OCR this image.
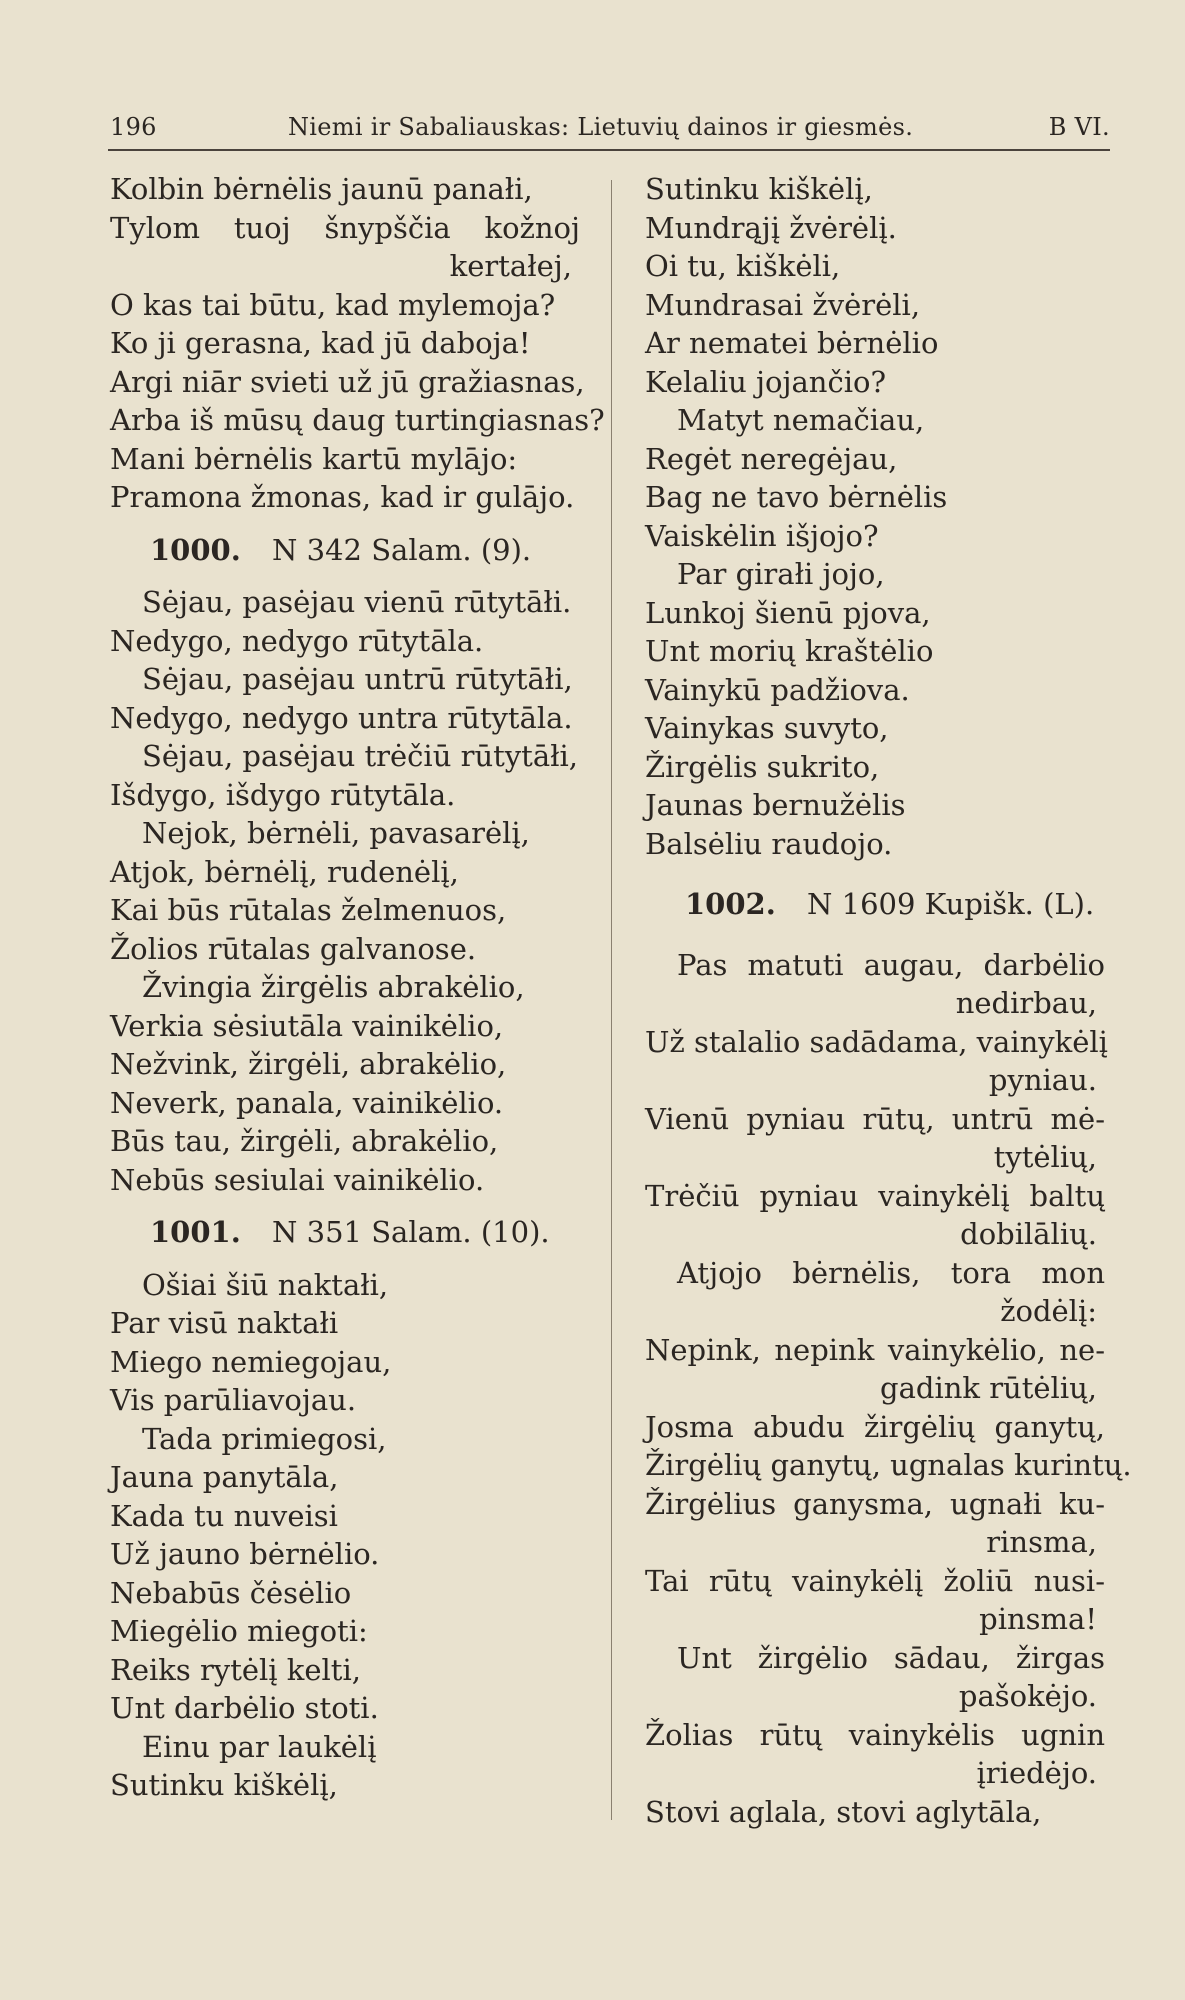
196	Niemi ir Sabaliauskas: Lietuvių dainos ir giesmės.	B VI.
Kolbin bėrnėlis jaunū panałi,
Tylom tuoj šnypščia kožnoj
kertałej,
O kas tai būtu, kad mylemoja?
Ko ji gerasna, kad jū daboja!
Argi niār svieti už jū gražiasnas,
Arba iš mūsų daug turtingiasnas?
Mani bėrnėlis kartū mylājo:
Pramona žmonas, kad ir gulājo.
1000. N 342 Salam. (9).
Sėjau, pasėjau vienū rūtytāłi.
Nedygo, nedygo rūtytāla.
Sėjau, pasėjau untrū rūtytāłi,
Nedygo, nedygo untra rūtytāla.
Sėjau, pasėjau trėčiū rūtytāłi,
Išdygo, išdygo rūtytāla.
Nejok, bėrnėli, pavasarėlį,
Atjok, bėrnėlį, rudenėlį,
Kai būs rūtalas želmenuos,
Žolios rūtalas galvanose.
Žvingia žirgėlis abrakėlio,
Verkia sėsiutāla vainikėlio,
Nežvink, žirgėli, abrakėlio,
Neverk, panala, vainikėlio.
Būs tau, žirgėli, abrakėlio,
Nebūs sesiulai vainikėlio.
1001. N 351 Salam. (10).
Ošiai šiū naktałi,
Par visū naktałi
Miego nemiegojau,
Vis parūliavojau.
Tada primiegosi,
Jauna panytāla,
Kada tu nuveisi
Už jauno bėrnėlio.
Nebabūs čėsėlio
Miegėlio miegoti:
Reiks rytėlį kelti,
Unt darbėlio stoti.
Einu par laukėlį
Sutinku kiškėlį,
Sutinku kiškėlį,
Mundrąjį žvėrėlį.
Oi tu, kiškėli,
Mundrasai žvėrėli,
Ar nematei bėrnėlio
Kelaliu jojančio?
Matyt nemačiau,
Regėt neregėjau,
Bag ne tavo bėrnėlis
Vaiskėlin išjojo?
Par girałi jojo,
Lunkoj šienū pjova,
Unt morių kraštėlio
Vainykū padžiova.
Vainykas suvyto,
Žirgėlis sukrito,
Jaunas bernužėlis
Balsėliu raudojo.
1002. N 1609 Kupišk. (L).
Pas matuti augau, darbėlio
nedirbau,
Už stalalio sadādama, vainykėlį
pyniau.
Vienū pyniau rūtų, untrū mė-
tytėlių,
Trėčiū pyniau vainykėlį baltų
dobilālių.
Atjojo bėrnėlis, tora mon
žodėlį:
Nepink, nepink vainykėlio, ne-
gadink rūtėlių,
Josma abudu žirgėlių ganytų,
Žirgėlių ganytų, ugnalas kurintų.
Žirgėlius ganysma, ugnałi ku-
rinsma,
Tai rūtų vainykėlį žoliū nusi-
pinsma!
Unt žirgėlio sādau, žirgas
pašokėjo.
Žolias rūtų vainykėlis ugnin
įriedėjo.
Stovi aglala, stovi aglytāla,
